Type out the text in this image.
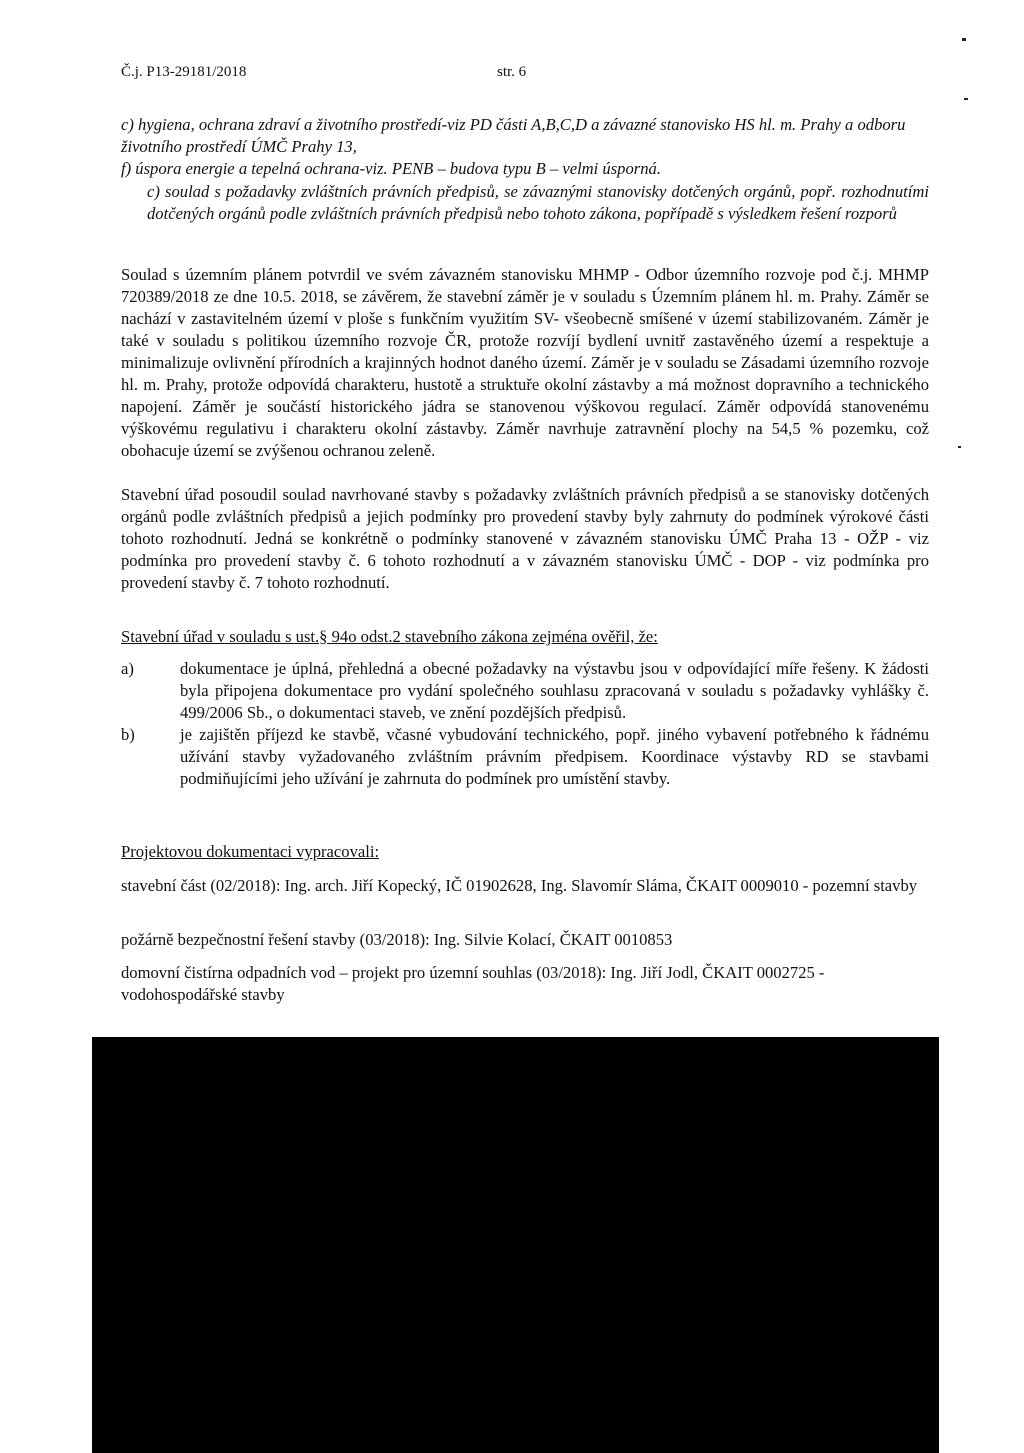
Č.j. P13-29181/2018	str. 6

c) hygiena, ochrana zdraví a životního prostředí-viz PD části A,B,C,D a závazné stanovisko HS hl. m. Prahy a odboru životního prostředí ÚMČ Prahy 13,

f) úspora energie a tepelná ochrana-viz. PENB – budova typu B – velmi úsporná.

c) soulad s požadavky zvláštních právních předpisů, se závaznými stanovisky dotčených orgánů, popř. rozhodnutími dotčených orgánů podle zvláštních právních předpisů nebo tohoto zákona, popřípadě s výsledkem řešení rozporů

Soulad s územním plánem potvrdil ve svém závazném stanovisku MHMP - Odbor územního rozvoje pod č.j. MHMP 720389/2018 ze dne 10.5. 2018, se závěrem, že stavební záměr je v souladu s Územním plánem hl. m. Prahy. Záměr se nachází v zastavitelném území v ploše s funkčním využitím SV- všeobecně smíšené v území stabilizovaném. Záměr je také v souladu s politikou územního rozvoje ČR, protože rozvíjí bydlení uvnitř zastavěného území a respektuje a minimalizuje ovlivnění přírodních a krajinných hodnot daného území. Záměr je v souladu se Zásadami územního rozvoje hl. m. Prahy, protože odpovídá charakteru, hustotě a struktuře okolní zástavby a má možnost dopravního a technického napojení. Záměr je součástí historického jádra se stanovenou výškovou regulací. Záměr odpovídá stanovenému výškovému regulativu i charakteru okolní zástavby. Záměr navrhuje zatravnění plochy na 54,5 % pozemku, což obohacuje území se zvýšenou ochranou zeleně.

Stavební úřad posoudil soulad navrhované stavby s požadavky zvláštních právních předpisů a se stanovisky dotčených orgánů podle zvláštních předpisů a jejich podmínky pro provedení stavby byly zahrnuty do podmínek výrokové části tohoto rozhodnutí. Jedná se konkrétně o podmínky stanovené v závazném stanovisku ÚMČ Praha 13 - OŽP - viz podmínka pro provedení stavby č. 6 tohoto rozhodnutí a v závazném stanovisku ÚMČ - DOP - viz podmínka pro provedení stavby č. 7 tohoto rozhodnutí.

Stavební úřad v souladu s ust.§ 94o odst.2 stavebního zákona zejména ověřil, že:

a)	dokumentace je úplná, přehledná a obecné požadavky na výstavbu jsou v odpovídající míře řešeny. K žádosti byla připojena dokumentace pro vydání společného souhlasu zpracovaná v souladu s požadavky vyhlášky č. 499/2006 Sb., o dokumentaci staveb, ve znění pozdějších předpisů.
b)	je zajištěn příjezd ke stavbě, včasné vybudování technického, popř. jiného vybavení potřebného k řádnému užívání stavby vyžadovaného zvláštním právním předpisem. Koordinace výstavby RD se stavbami podmiňujícími jeho užívání je zahrnuta do podmínek pro umístění stavby.

Projektovou dokumentaci vypracovali:

stavební část (02/2018): Ing. arch. Jiří Kopecký, IČ 01902628, Ing. Slavomír Sláma, ČKAIT 0009010 - pozemní stavby

požárně bezpečnostní řešení stavby (03/2018): Ing. Silvie Kolací, ČKAIT 0010853

domovní čistírna odpadních vod – projekt pro územní souhlas (03/2018): Ing. Jiří Jodl, ČKAIT 0002725 - vodohospodářské stavby
